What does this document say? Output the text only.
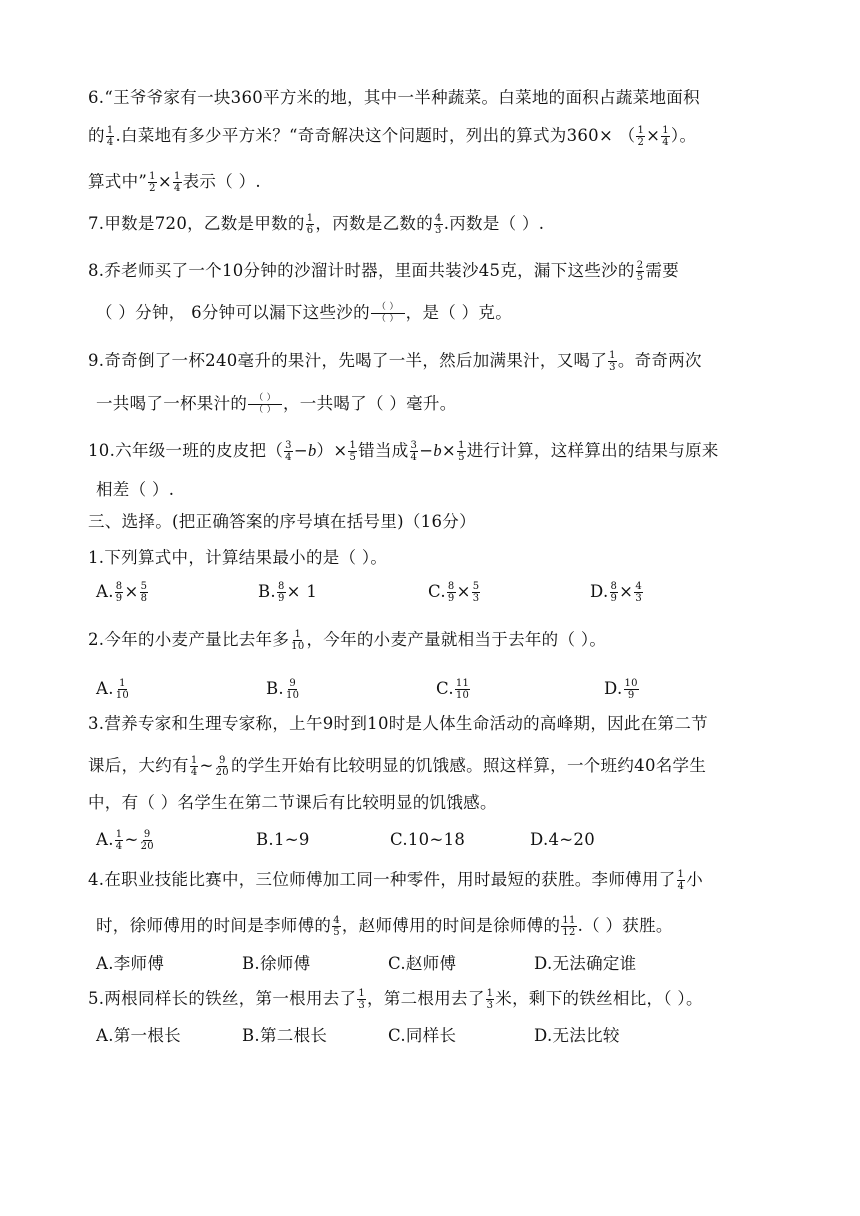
6.“王爷爷家有一块360平方米的地，其中一半种蔬菜。白菜地的面积占蔬菜地面积
的 $\frac{1}{4}$ .白菜地有多少平方米？“奇奇解决这个问题时，列出的算式为360× （ $\frac{1}{2} \times \frac{1}{4}$ ）。
算式中” $\frac{1}{2} \times \frac{1}{4}$ 表示（ ）.
7.甲数是720，乙数是甲数的 $\frac{1}{6}$ ，丙数是乙数的 $\frac{4}{3}$ .丙数是（ ）.
8.乔老师买了一个10分钟的沙溜计时器，里面共装沙45克，漏下这些沙的 $\frac{2}{5}$ 需要
（ ）分钟， 6分钟可以漏下这些沙的 $\frac{( )}{( )}$ ，是（ ）克。
9.奇奇倒了一杯240毫升的果汁，先喝了一半，然后加满果汁，又喝了 $\frac{1}{3}$ 。奇奇两次
一共喝了一杯果汁的 $\frac{( )}{( )}$ ，一共喝了（ ）毫升。
10.六年级一班的皮皮把（ $\frac{3}{4} -b)\times \frac{1}{5}$ 错当成 $\frac{3}{4} -b\times \frac{1}{5}$ 进行计算，这样算出的结果与原来
相差（ ）.
三、选择。(把正确答案的序号填在括号里)（16分）
1.下列算式中，计算结果最小的是（ ）。
A. $\frac{8}{9} \times \frac{5}{8}$	B. $\frac{8}{9} \times 1$	C. $\frac{8}{9} \times \frac{5}{3}$	D. $\frac{8}{9} \times \frac{4}{3}$
2.今年的小麦产量比去年多 $\frac{1}{10}$ ，今年的小麦产量就相当于去年的（ ）。
A. $\frac{1}{10}$	B. $\frac{9}{10}$	C. $\frac{11}{10}$	D. $\frac{10}{9}$
3.营养专家和生理专家称，上午9时到10时是人体生命活动的高峰期，因此在第二节
课后，大约有 $\frac{1}{4}$ ~ $\frac{9}{20}$ 的学生开始有比较明显的饥饿感。照这样算，一个班约40名学生
中，有（ ）名学生在第二节课后有比较明显的饥饿感。
A. $\frac{1}{4}$ ~ $\frac{9}{20}$	B.1~9	C.10~18	D.4~20
4.在职业技能比赛中，三位师傅加工同一种零件，用时最短的获胜。李师傅用了 $\frac{1}{4}$ 小
时，徐师傅用的时间是李师傅的 $\frac{4}{5}$ ，赵师傅用的时间是徐师傅的 $\frac{11}{12}$ .（ ）获胜。
A.李师傅	B.徐师傅	C.赵师傅	D.无法确定谁
5.两根同样长的铁丝，第一根用去了 $\frac{1}{3}$ ，第二根用去了 $\frac{1}{3}$ 米，剩下的铁丝相比，（ ）。
A.第一根长	B.第二根长	C.同样长	D.无法比较
